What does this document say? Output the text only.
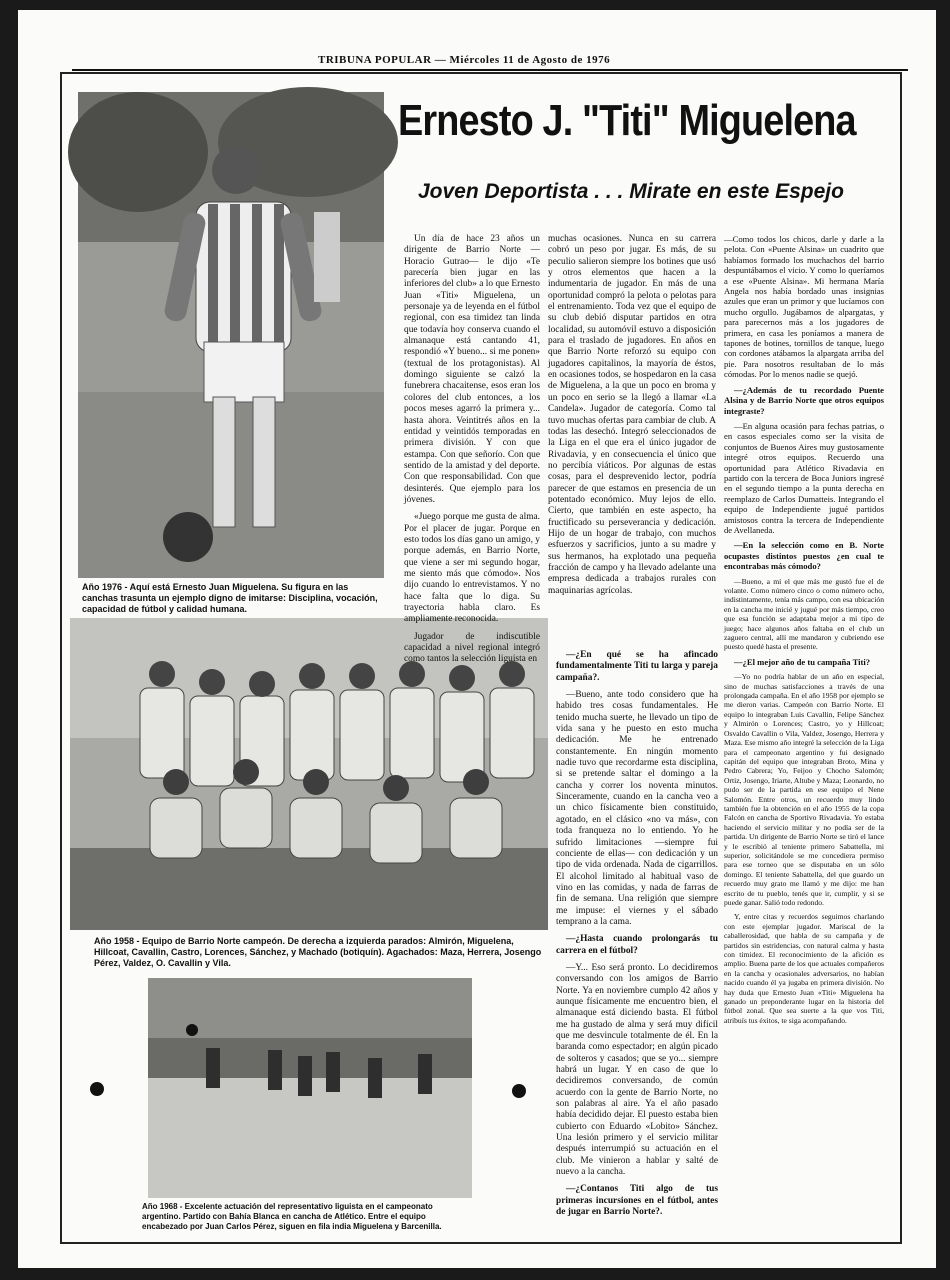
TRIBUNA POPULAR — Miércoles 11 de Agosto de 1976
Ernesto J. "Titi" Miguelena
Joven Deportista . . . Mirate en este Espejo
Año 1976 - Aquí está Ernesto Juan Miguelena. Su figura en las canchas trasunta un ejemplo digno de imitarse: Disciplina, vocación, capacidad de fútbol y calidad humana.
Año 1958 - Equipo de Barrio Norte campeón. De derecha a izquierda parados: Almirón, Miguelena, Hillcoat, Cavallin, Castro, Lorences, Sánchez, y Machado (botiquín). Agachados: Maza, Herrera, Josengo Pérez, Valdez, O. Cavallin y Vila.
Año 1968 - Excelente actuación del representativo liguista en el campeonato argentino. Partido con Bahía Blanca en cancha de Atlético. Entre el equipo encabezado por Juan Carlos Pérez, siguen en fila india Miguelena y Barcenilla.

Un día de hace 23 años un dirigente de Barrio Norte —Horacio Gutrao— le dijo «Te parecería bien jugar en las inferiores del club» a lo que Ernesto Juan «Titi» Miguelena, un personaje ya de leyenda en el fútbol regional, con esa timidez tan linda que todavía hoy conserva cuando el almanaque está cantando 41, respondió «Y bueno... si me ponen» (textual de los protagonistas). Al domingo siguiente se calzó la funebrera chacaitense, esos eran los colores del club entonces, a los pocos meses agarró la primera y... hasta ahora. Veintitrés años en la entidad y veintidós temporadas en primera división. Y con que estampa. Con que señorío. Con que sentido de la amistad y del deporte. Con que responsabilidad. Con que desinterés. Que ejemplo para los jóvenes.

«Juego porque me gusta de alma. Por el placer de jugar. Porque en esto todos los días gano un amigo, y porque además, en Barrio Norte, que viene a ser mi segundo hogar, me siento más que cómodo». Nos dijo cuando lo entrevistamos. Y no hace falta que lo diga. Su trayectoria habla claro. Es ampliamente reconocida.

Jugador de indiscutible capacidad a nivel regional integró como tantos la selección liguista en

muchas ocasiones. Nunca en su carrera cobró un peso por jugar. Es más, de su peculio salieron siempre los botines que usó y otros elementos que hacen a la indumentaria de jugador. En más de una oportunidad compró la pelota o pelotas para el entrenamiento. Toda vez que el equipo de su club debió disputar partidos en otra localidad, su automóvil estuvo a disposición para el traslado de jugadores. En años en que Barrio Norte reforzó su equipo con jugadores capitalinos, la mayoría de éstos, en ocasiones todos, se hospedaron en la casa de Miguelena, a la que un poco en broma y un poco en serio se la llegó a llamar «La Candela». Jugador de categoría. Como tal tuvo muchas ofertas para cambiar de club. A todas las desechó. Integró seleccionados de la Liga en el que era el único jugador de Rivadavia, y en consecuencia el único que no percibía viáticos. Por algunas de estas cosas, para el desprevenido lector, podría parecer de que estamos en presencia de un potentado económico. Muy lejos de ello. Cierto, que también en este aspecto, ha fructificado su perseverancia y dedicación. Hijo de un hogar de trabajo, con muchos esfuerzos y sacrificios, junto a su madre y sus hermanos, ha explotado una pequeña fracción de campo y ha llevado adelante una empresa dedicada a trabajos rurales con maquinarias agrícolas.

—¿En qué se ha afincado fundamentalmente Titi tu larga y pareja campaña?.

—Bueno, ante todo considero que ha habido tres cosas fundamentales. He tenido mucha suerte, he llevado un tipo de vida sana y he puesto en esto mucha dedicación. Me he entrenado constantemente. En ningún momento nadie tuvo que recordarme esta disciplina, si se pretende saltar el domingo a la cancha y correr los noventa minutos. Sinceramente, cuando en la cancha veo a un chico físicamente bien constituido, agotado, en el clásico «no va más», con toda franqueza no lo entiendo. Yo he sufrido limitaciones —siempre fui conciente de ellas— con dedicación y un tipo de vida ordenada. Nada de cigarrillos. El alcohol limitado al habitual vaso de vino en las comidas, y nada de farras de fin de semana. Una religión que siempre me impuse: el viernes y el sábado temprano a la cama.

—¿Hasta cuando prolongarás tu carrera en el fútbol?

—Y... Eso será pronto. Lo decidiremos conversando con los amigos de Barrio Norte. Ya en noviembre cumplo 42 años y aunque físicamente me encuentro bien, el almanaque está diciendo basta. El fútbol me ha gustado de alma y será muy difícil que me desvincule totalmente de él. En la baranda como espectador; en algún picado de solteros y casados; que se yo... siempre habrá un lugar. Y en caso de que lo decidiremos conversando, de común acuerdo con la gente de Barrio Norte, no son palabras al aire. Ya el año pasado había decidido dejar. El puesto estaba bien cubierto con Eduardo «Lobito» Sánchez. Una lesión primero y el servicio militar después interrumpió su actuación en el club. Me vinieron a hablar y salté de nuevo a la cancha.

—¿Contanos Titi algo de tus primeras incursiones en el fútbol, antes de jugar en Barrio Norte?.

—Como todos los chicos, darle y darle a la pelota. Con «Puente Alsina» un cuadrito que habíamos formado los muchachos del barrio despuntábamos el vicio. Y como lo queríamos a ese «Puente Alsina». Mi hermana María Angela nos había bordado unas insignias azules que eran un primor y que lucíamos con mucho orgullo. Jugábamos de alpargatas, y para parecernos más a los jugadores de primera, en casa les poníamos a manera de tapones de botines, tornillos de tanque, luego con cordones atábamos la alpargata arriba del pie. Para nosotros resultaban de lo más cómodas. Por lo menos nadie se quejó.

—¿Además de tu recordado Puente Alsina y de Barrio Norte que otros equipos integraste?

—En alguna ocasión para fechas patrias, o en casos especiales como ser la visita de conjuntos de Buenos Aires muy gustosamente integré otros equipos. Recuerdo una oportunidad para Atlético Rivadavia en partido con la tercera de Boca Juniors ingresé en el segundo tiempo a la punta derecha en reemplazo de Carlos Dumatteis. Integrando el equipo de Independiente jugué partidos amistosos contra la tercera de Independiente de Avellaneda.

—En la selección como en B. Norte ocupastes distintos puestos ¿en cual te encontrabas más cómodo?

—Bueno, a mí el que más me gustó fue el de volante. Como número cinco o como número ocho, indistintamente, tenía más campo, con esa ubicación en la cancha me inicié y jugué por más tiempo, creo que esa función se adaptaba mejor a mi tipo de juego; hace algunos años faltaba en el club un zaguero central, allí me mandaron y cubriendo ese puesto quedé hasta el presente.

—¿El mejor año de tu campaña Titi?

—Yo no podría hablar de un año en especial, sino de muchas satisfacciones a través de una prolongada campaña. En el año 1958 por ejemplo se me dieron varias. Campeón con Barrio Norte. El equipo lo integraban Luis Cavallin, Felipe Sánchez y Almirón o Lorences; Castro, yo y Hillcoat; Osvaldo Cavallin o Vila, Valdez, Josengo, Herrera y Maza. Ese mismo año integré la selección de la Liga para el campeonato argentino y fui designado capitán del equipo que integraban Broto, Mina y Pedro Cabrera; Yo, Feijoo y Chocho Salomón; Ortiz, Josengo, Iriarte, Altube y Maza; Leonardo, no pudo ser de la partida en ese equipo el Nene Salomón. Entre otros, un recuerdo muy lindo también fue la obtención en el año 1955 de la copa Falcón en cancha de Sportivo Rivadavia. Yo estaba haciendo el servicio militar y no podía ser de la partida. Un dirigente de Barrio Norte se tiró el lance y le escribió al teniente primero Sabattella, mi superior, solicitándole se me concediera permiso para ese torneo que se disputaba en un sólo domingo. El teniente Sabattella, del que guardo un recuerdo muy grato me llamó y me dijo: me han escrito de tu pueblo, tenés que ir, cumplir, y si se puede ganar. Salió todo redondo.

Y, entre citas y recuerdos seguimos charlando con este ejemplar jugador. Mariscal de la caballerosidad, que habla de su campaña y de partidos sin estridencias, con natural calma y hasta con timidez. El reconocimiento de la afición es amplio. Buena parte de los que actuales compañeros en la cancha y ocasionales adversarios, no habían nacido cuando él ya jugaba en primera división. No hay duda que Ernesto Juan «Titi» Miguelena ha ganado un preponderante lugar en la historia del fútbol zonal. Que sea suerte a la que vos Titi, atribuís tus éxitos, te siga acompañando.
